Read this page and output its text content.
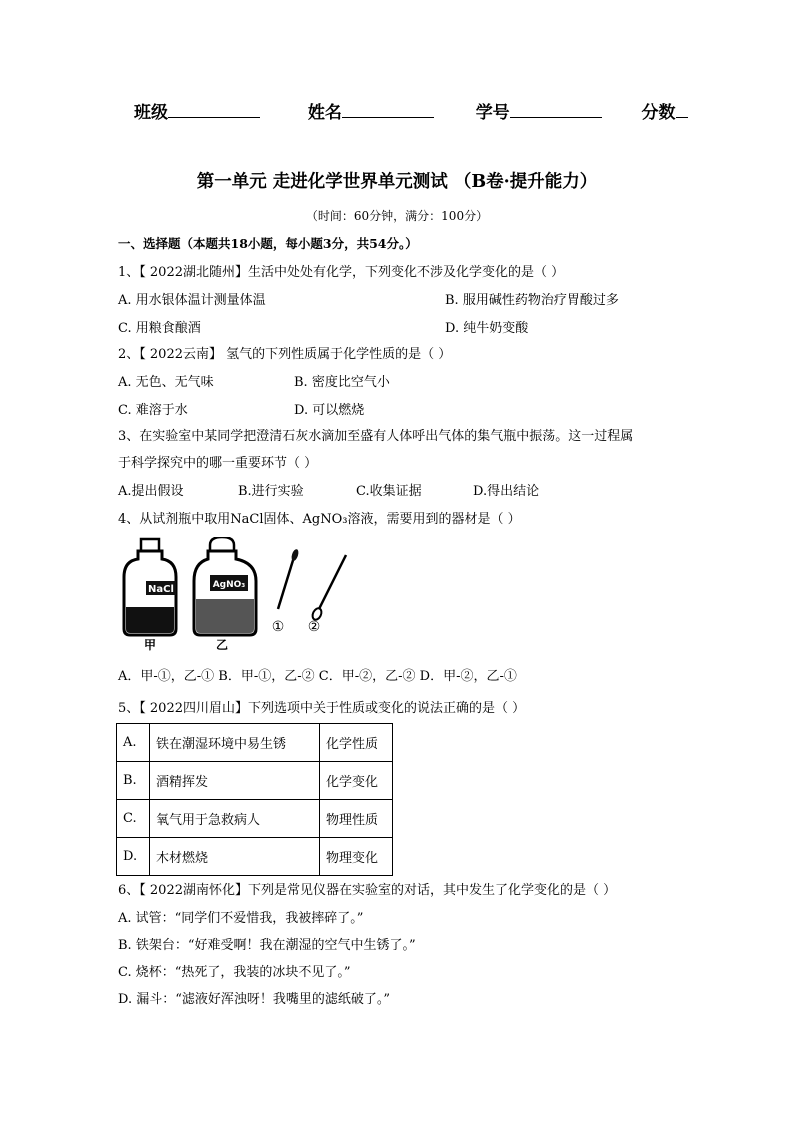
班级	姓名	学号	分数
第一单元 走进化学世界单元测试 （B卷·提升能力）
（时间：60分钟，满分：100分）
一、选择题（本题共18小题，每小题3分，共54分。）
1、【 2022湖北随州】生活中处处有化学，下列变化不涉及化学变化的是（ ）
A. 用水银体温计测量体温	B. 服用碱性药物治疗胃酸过多
C. 用粮食酿酒	D. 纯牛奶变酸
2、【 2022云南】 氢气的下列性质属于化学性质的是（ ）
A. 无色、无气味	B. 密度比空气小
C. 难溶于水	D. 可以燃烧
3、在实验室中某同学把澄清石灰水滴加至盛有人体呼出气体的集气瓶中振荡。这一过程属
于科学探究中的哪一重要环节（ ）
A.提出假设	B.进行实验	C.收集证据	D.得出结论
4、从试剂瓶中取用NaCl固体、AgNO₃溶液，需要用到的器材是（ ）
NaCl
甲
AgNO₃
乙
① ②
A．甲-①，乙-① B．甲-①，乙-② C．甲-②，乙-② D．甲-②，乙-①
5、【 2022四川眉山】下列选项中关于性质或变化的说法正确的是（ ）
A.	铁在潮湿环境中易生锈	化学性质
B.	酒精挥发	化学变化
C.	氧气用于急救病人	物理性质
D.	木材燃烧	物理变化
6、【 2022湖南怀化】下列是常见仪器在实验室的对话，其中发生了化学变化的是（ ）
A. 试管：“同学们不爱惜我，我被摔碎了。”
B. 铁架台：“好难受啊！我在潮湿的空气中生锈了。”
C. 烧杯：“热死了，我装的冰块不见了。”
D. 漏斗：“滤液好浑浊呀！我嘴里的滤纸破了。”
